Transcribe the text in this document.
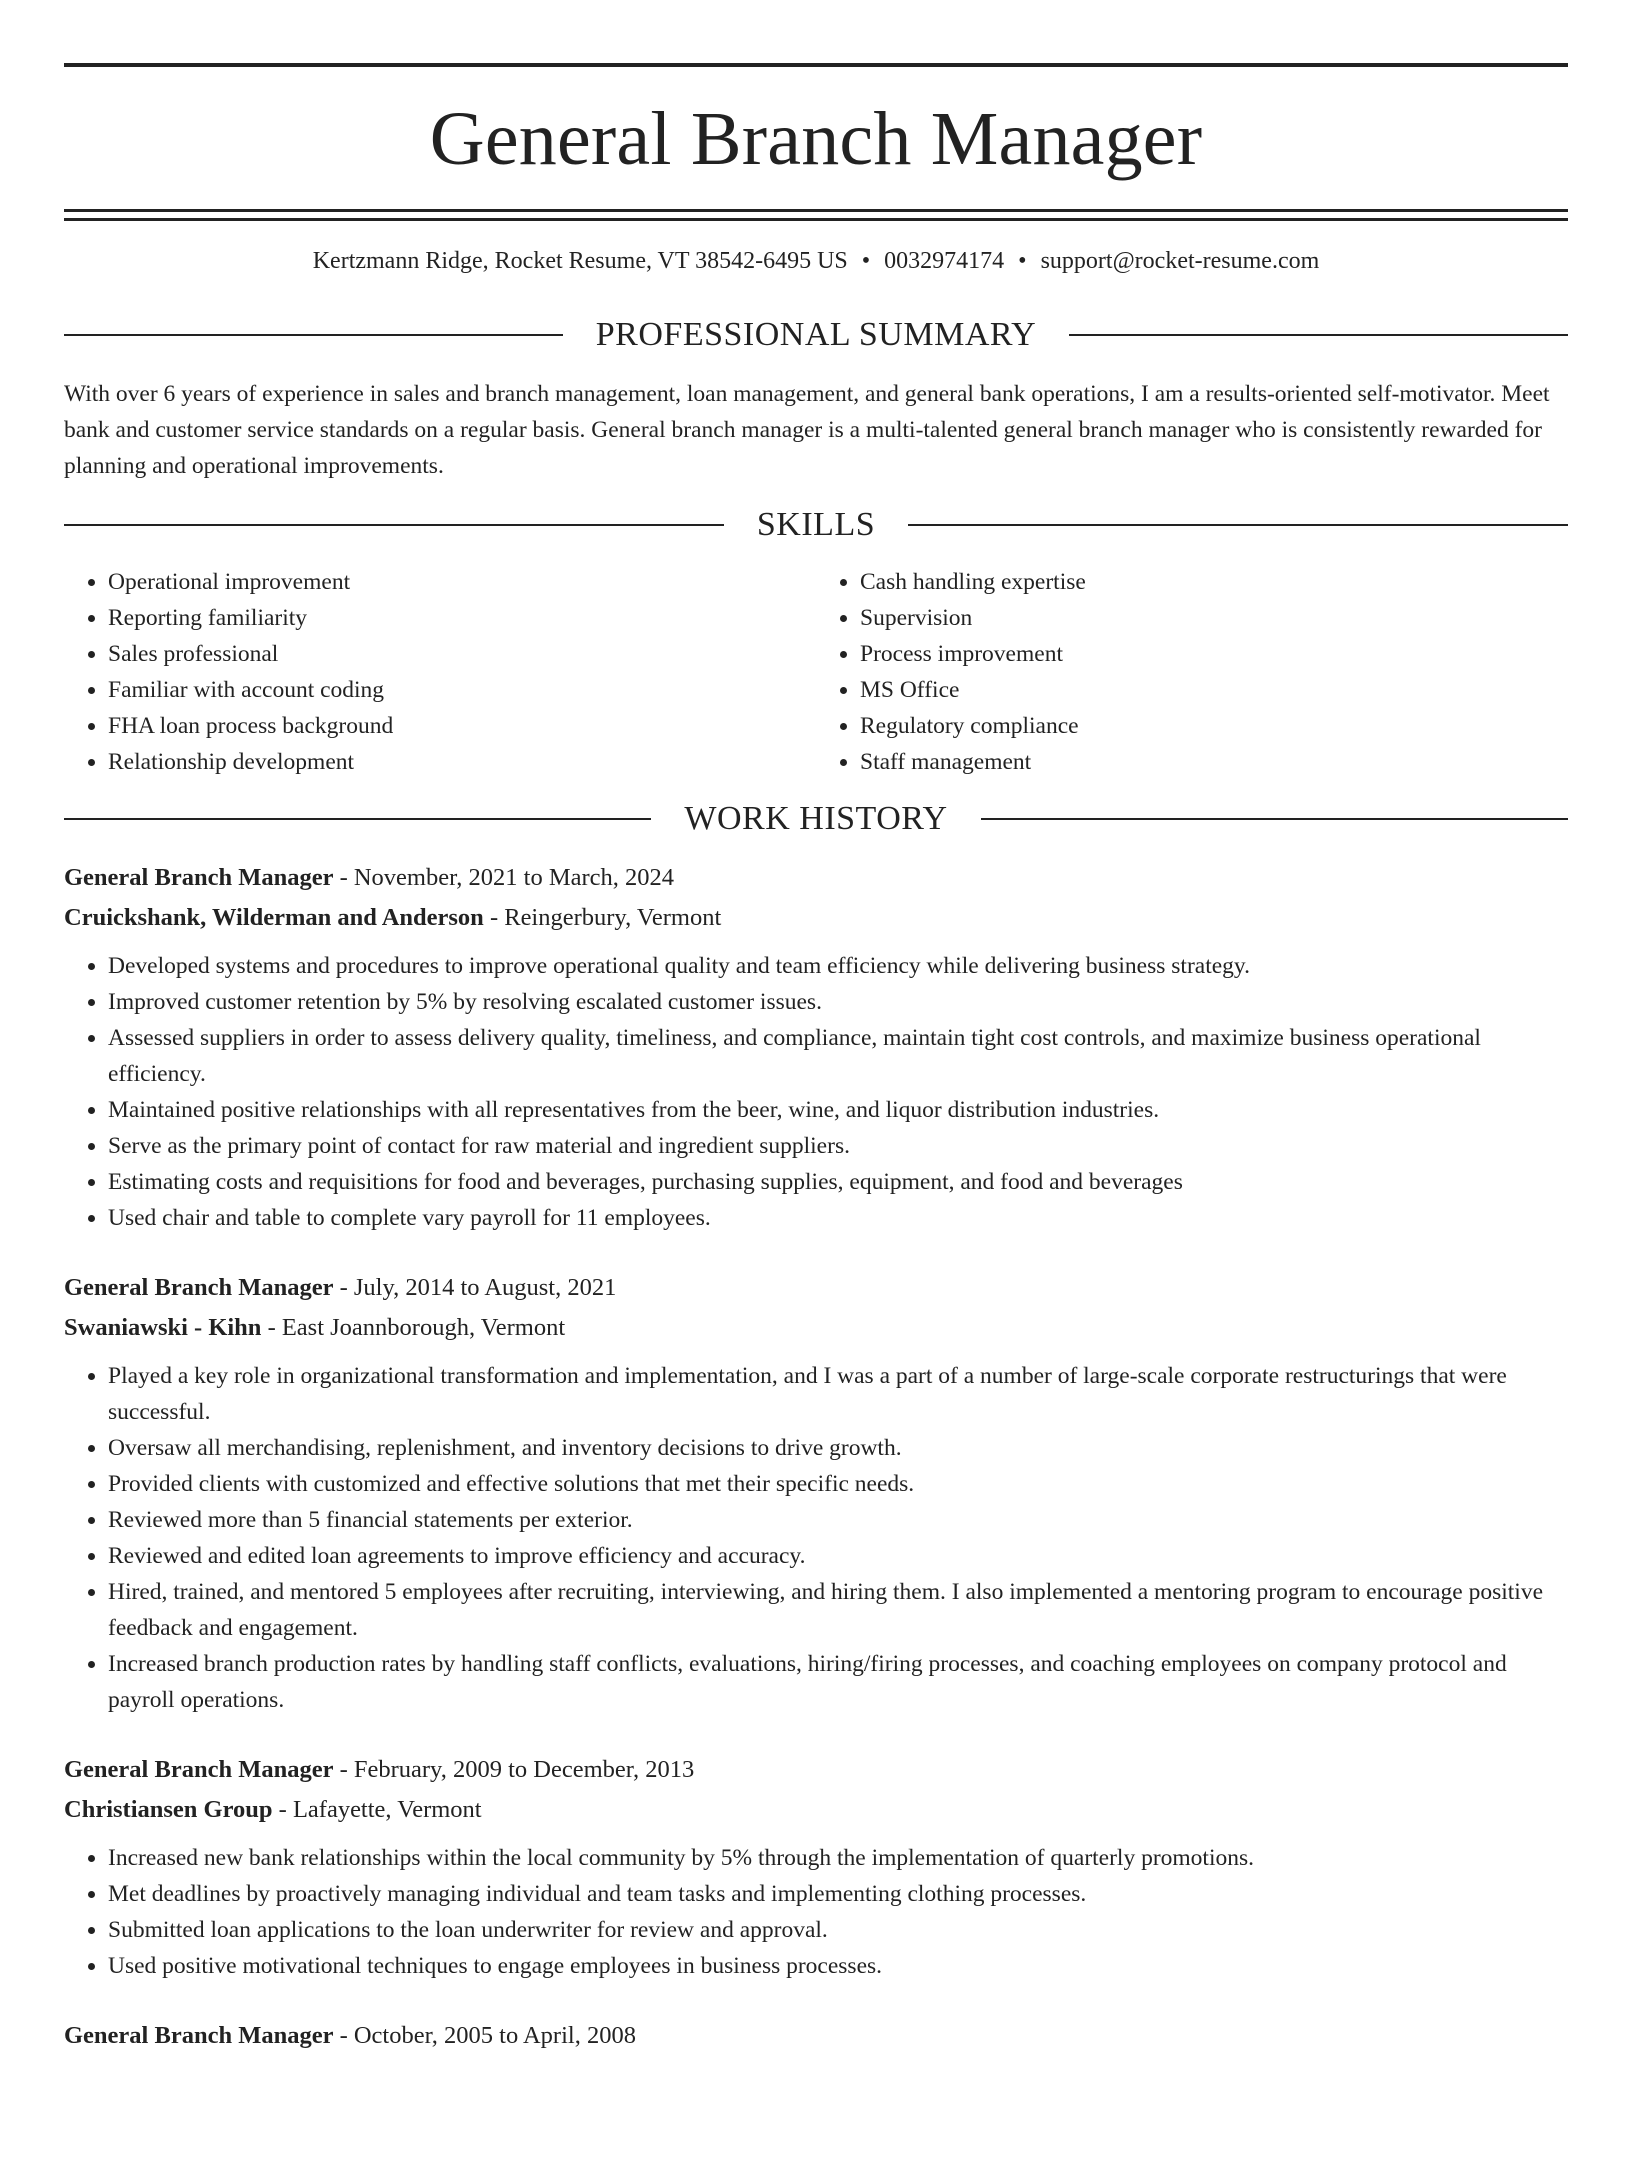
General Branch Manager
Kertzmann Ridge, Rocket Resume, VT 38542-6495 US • 0032974174 • support@rocket-resume.com
PROFESSIONAL SUMMARY
With over 6 years of experience in sales and branch management, loan management, and general bank operations, I am a results-oriented self-motivator. Meet bank and customer service standards on a regular basis. General branch manager is a multi-talented general branch manager who is consistently rewarded for planning and operational improvements.
SKILLS
• Operational improvement
• Reporting familiarity
• Sales professional
• Familiar with account coding
• FHA loan process background
• Relationship development
• Cash handling expertise
• Supervision
• Process improvement
• MS Office
• Regulatory compliance
• Staff management
WORK HISTORY
General Branch Manager - November, 2021 to March, 2024
Cruickshank, Wilderman and Anderson - Reingerbury, Vermont
• Developed systems and procedures to improve operational quality and team efficiency while delivering business strategy.
• Improved customer retention by 5% by resolving escalated customer issues.
• Assessed suppliers in order to assess delivery quality, timeliness, and compliance, maintain tight cost controls, and maximize business operational efficiency.
• Maintained positive relationships with all representatives from the beer, wine, and liquor distribution industries.
• Serve as the primary point of contact for raw material and ingredient suppliers.
• Estimating costs and requisitions for food and beverages, purchasing supplies, equipment, and food and beverages
• Used chair and table to complete vary payroll for 11 employees.
General Branch Manager - July, 2014 to August, 2021
Swaniawski - Kihn - East Joannborough, Vermont
• Played a key role in organizational transformation and implementation, and I was a part of a number of large-scale corporate restructurings that were successful.
• Oversaw all merchandising, replenishment, and inventory decisions to drive growth.
• Provided clients with customized and effective solutions that met their specific needs.
• Reviewed more than 5 financial statements per exterior.
• Reviewed and edited loan agreements to improve efficiency and accuracy.
• Hired, trained, and mentored 5 employees after recruiting, interviewing, and hiring them. I also implemented a mentoring program to encourage positive feedback and engagement.
• Increased branch production rates by handling staff conflicts, evaluations, hiring/firing processes, and coaching employees on company protocol and payroll operations.
General Branch Manager - February, 2009 to December, 2013
Christiansen Group - Lafayette, Vermont
• Increased new bank relationships within the local community by 5% through the implementation of quarterly promotions.
• Met deadlines by proactively managing individual and team tasks and implementing clothing processes.
• Submitted loan applications to the loan underwriter for review and approval.
• Used positive motivational techniques to engage employees in business processes.
General Branch Manager - October, 2005 to April, 2008
